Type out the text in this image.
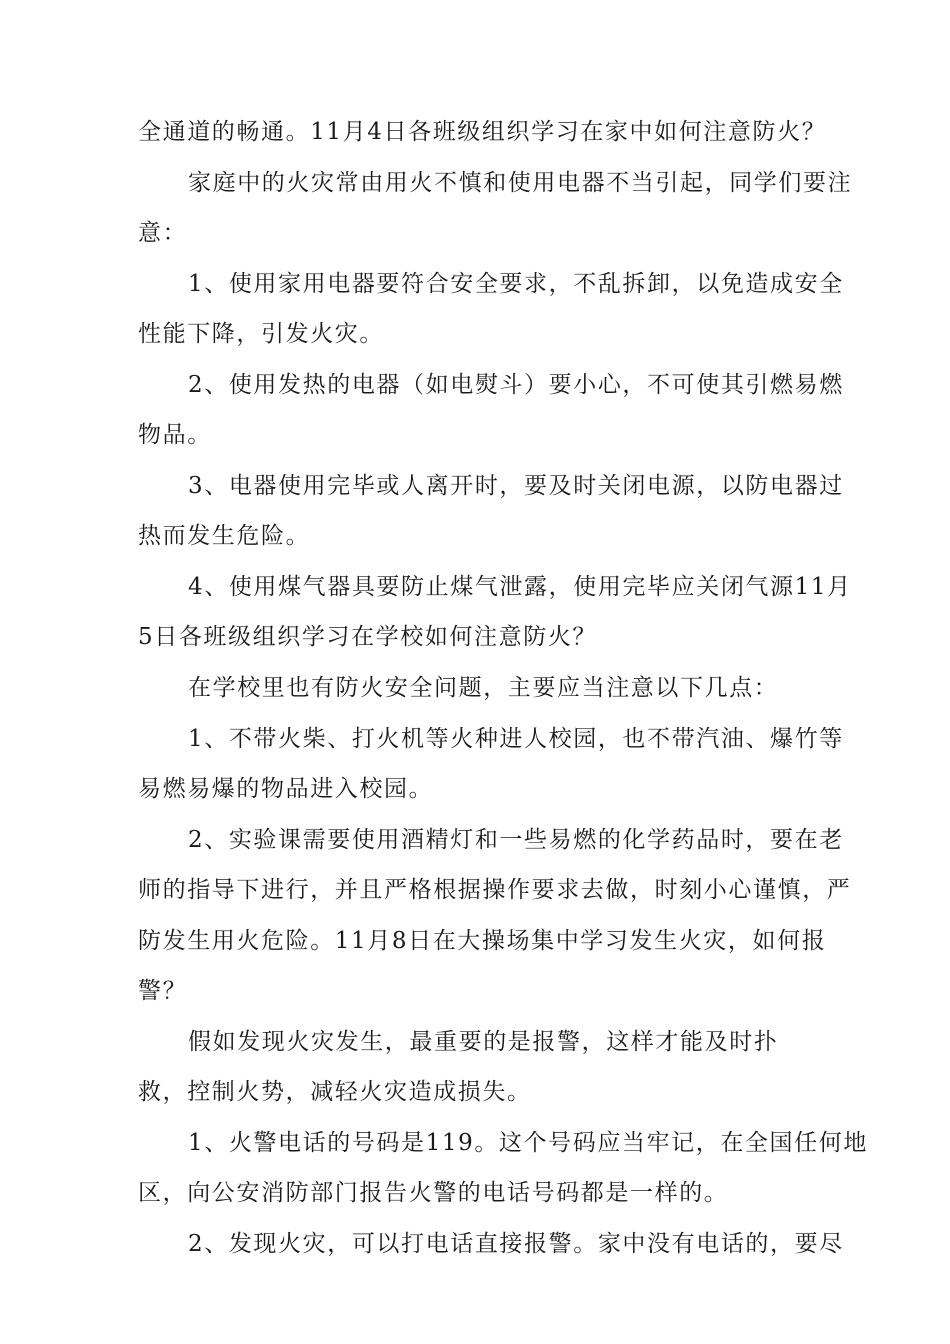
全通道的畅通。11月4日各班级组织学习在家中如何注意防火？
家庭中的火灾常由用火不慎和使用电器不当引起，同学们要注
意：
1、使用家用电器要符合安全要求，不乱拆卸，以免造成安全
性能下降，引发火灾。
2、使用发热的电器（如电熨斗）要小心，不可使其引燃易燃
物品。
3、电器使用完毕或人离开时，要及时关闭电源，以防电器过
热而发生危险。
4、使用煤气器具要防止煤气泄露，使用完毕应关闭气源11月
5日各班级组织学习在学校如何注意防火？
在学校里也有防火安全问题，主要应当注意以下几点：
1、不带火柴、打火机等火种进人校园，也不带汽油、爆竹等
易燃易爆的物品进入校园。
2、实验课需要使用酒精灯和一些易燃的化学药品时，要在老
师的指导下进行，并且严格根据操作要求去做，时刻小心谨慎，严
防发生用火危险。11月8日在大操场集中学习发生火灾，如何报
警？
假如发现火灾发生，最重要的是报警，这样才能及时扑
救，控制火势，减轻火灾造成损失。
1、火警电话的号码是119。这个号码应当牢记，在全国任何地
区，向公安消防部门报告火警的电话号码都是一样的。
2、发现火灾，可以打电话直接报警。家中没有电话的，要尽
